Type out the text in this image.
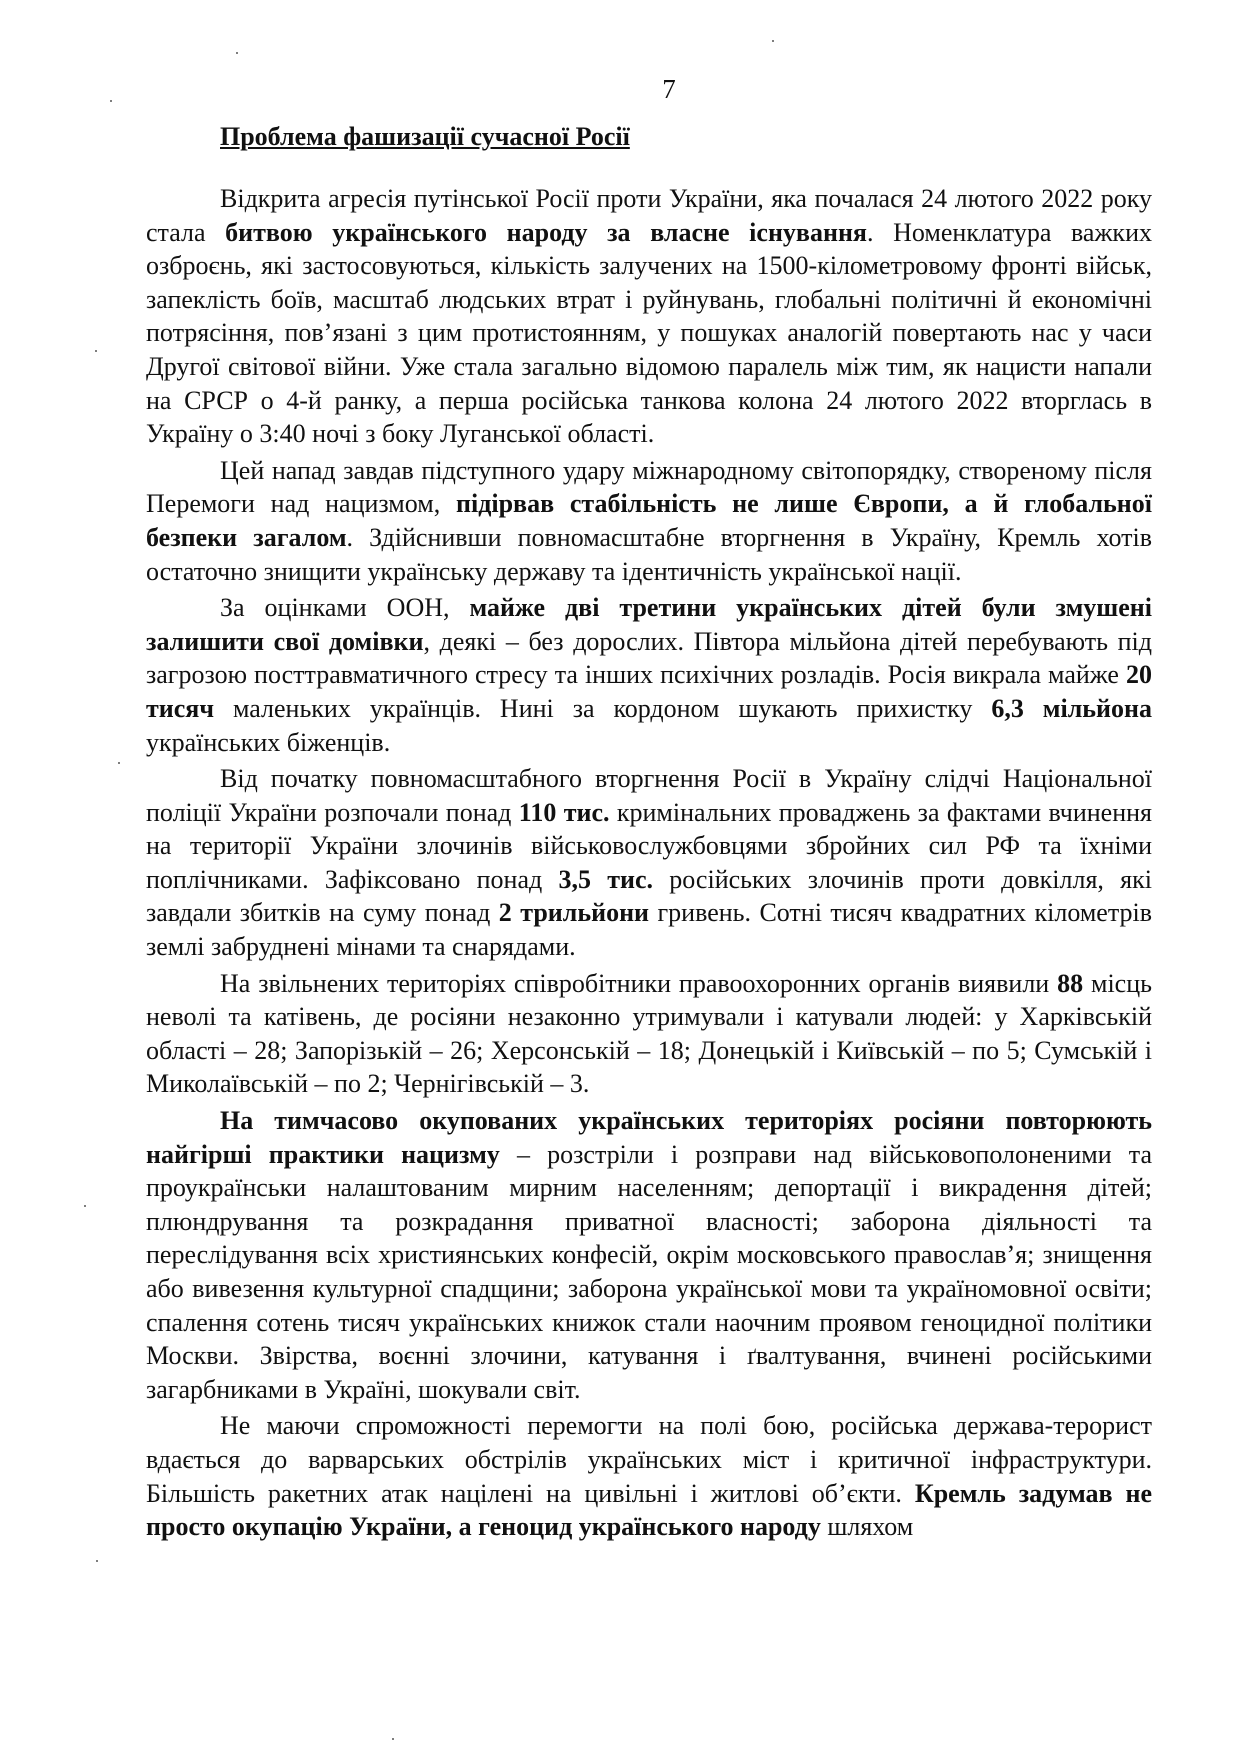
7
Проблема фашизації сучасної Росії

Відкрита агресія путінської Росії проти України, яка почалася 24 лютого 2022 року стала битвою українського народу за власне існування. Номенклатура важких озброєнь, які застосовуються, кількість залучених на 1500-кілометровому фронті військ, запеклість боїв, масштаб людських втрат і руйнувань, глобальні політичні й економічні потрясіння, пов’язані з цим протистоянням, у пошуках аналогій повертають нас у часи Другої світової війни. Уже стала загально відомою паралель між тим, як нацисти напали на СРСР о 4-й ранку, а перша російська танкова колона 24 лютого 2022 вторглась в Україну о 3:40 ночі з боку Луганської області.

Цей напад завдав підступного удару міжнародному світопорядку, створеному після Перемоги над нацизмом, підірвав стабільність не лише Європи, а й глобальної безпеки загалом. Здійснивши повномасштабне вторгнення в Україну, Кремль хотів остаточно знищити українську державу та ідентичність української нації.

За оцінками ООН, майже дві третини українських дітей були змушені залишити свої домівки, деякі – без дорослих. Півтора мільйона дітей перебувають під загрозою посттравматичного стресу та інших психічних розладів. Росія викрала майже 20 тисяч маленьких українців. Нині за кордоном шукають прихистку 6,3 мільйона українських біженців.

Від початку повномасштабного вторгнення Росії в Україну слідчі Національної поліції України розпочали понад 110 тис. кримінальних проваджень за фактами вчинення на території України злочинів військовослужбовцями збройних сил РФ та їхніми поплічниками. Зафіксовано понад 3,5 тис. російських злочинів проти довкілля, які завдали збитків на суму понад 2 трильйони гривень. Сотні тисяч квадратних кілометрів землі забруднені мінами та снарядами.

На звільнених територіях співробітники правоохоронних органів виявили 88 місць неволі та катівень, де росіяни незаконно утримували і катували людей: у Харківській області – 28; Запорізькій – 26; Херсонській – 18; Донецькій і Київській – по 5; Сумській і Миколаївській – по 2; Чернігівській – 3.

На тимчасово окупованих українських територіях росіяни повторюють найгірші практики нацизму – розстріли і розправи над військовополоненими та проукраїнськи налаштованим мирним населенням; депортації і викрадення дітей; плюндрування та розкрадання приватної власності; заборона діяльності та переслідування всіх християнських конфесій, окрім московського православ’я; знищення або вивезення культурної спадщини; заборона української мови та україномовної освіти; спалення сотень тисяч українських книжок стали наочним проявом геноцидної політики Москви. Звірства, воєнні злочини, катування і ґвалтування, вчинені російськими загарбниками в Україні, шокували світ.

Не маючи спроможності перемогти на полі бою, російська держава-терорист вдається до варварських обстрілів українських міст і критичної інфраструктури. Більшість ракетних атак націлені на цивільні і житлові об’єкти. Кремль задумав не просто окупацію України, а геноцид українського народу шляхом
